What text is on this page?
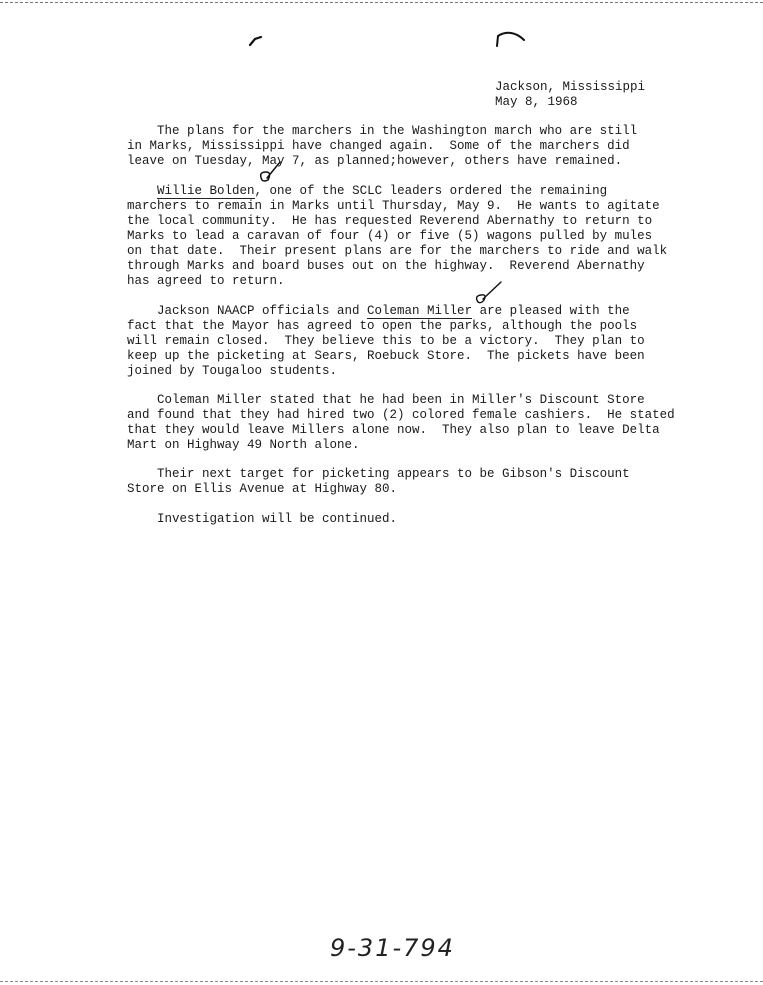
Jackson, Mississippi
May 8, 1968
The plans for the marchers in the Washington march who are still
in Marks, Mississippi have changed again.  Some of the marchers did
leave on Tuesday, May 7, as planned;however, others have remained.
Willie Bolden, one of the SCLC leaders ordered the remaining
marchers to remain in Marks until Thursday, May 9.  He wants to agitate
the local community.  He has requested Reverend Abernathy to return to
Marks to lead a caravan of four (4) or five (5) wagons pulled by mules
on that date.  Their present plans are for the marchers to ride and walk
through Marks and board buses out on the highway.  Reverend Abernathy
has agreed to return.
Jackson NAACP officials and Coleman Miller are pleased with the
fact that the Mayor has agreed to open the parks, although the pools
will remain closed.  They believe this to be a victory.  They plan to
keep up the picketing at Sears, Roebuck Store.  The pickets have been
joined by Tougaloo students.
Coleman Miller stated that he had been in Miller's Discount Store
and found that they had hired two (2) colored female cashiers.  He stated
that they would leave Millers alone now.  They also plan to leave Delta
Mart on Highway 49 North alone.
Their next target for picketing appears to be Gibson's Discount
Store on Ellis Avenue at Highway 80.
Investigation will be continued.
9-31-794
